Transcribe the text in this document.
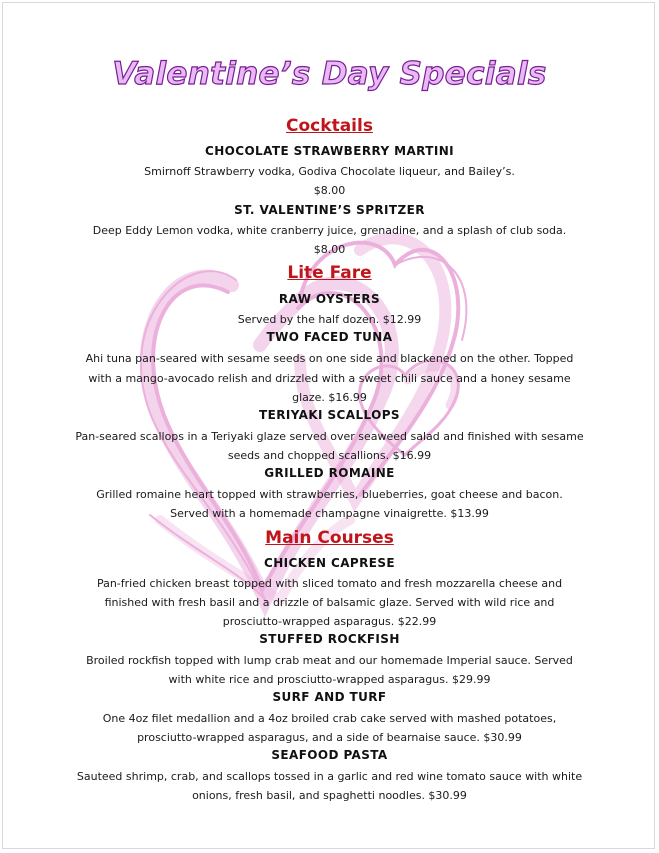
Valentine’s Day Specials
Cocktails
CHOCOLATE STRAWBERRY MARTINI
Smirnoff Strawberry vodka, Godiva Chocolate liqueur, and Bailey’s.
$8.00
ST. VALENTINE’S SPRITZER
Deep Eddy Lemon vodka, white cranberry juice, grenadine, and a splash of club soda.
$8.00
Lite Fare
RAW OYSTERS
Served by the half dozen. $12.99
TWO FACED TUNA
Ahi tuna pan-seared with sesame seeds on one side and blackened on the other. Topped
with a mango-avocado relish and drizzled with a sweet chili sauce and a honey sesame
glaze. $16.99
TERIYAKI SCALLOPS
Pan-seared scallops in a Teriyaki glaze served over seaweed salad and finished with sesame
seeds and chopped scallions. $16.99
GRILLED ROMAINE
Grilled romaine heart topped with strawberries, blueberries, goat cheese and bacon.
Served with a homemade champagne vinaigrette. $13.99
Main Courses
CHICKEN CAPRESE
Pan-fried chicken breast topped with sliced tomato and fresh mozzarella cheese and
finished with fresh basil and a drizzle of balsamic glaze. Served with wild rice and
prosciutto-wrapped asparagus. $22.99
STUFFED ROCKFISH
Broiled rockfish topped with lump crab meat and our homemade Imperial sauce. Served
with white rice and prosciutto-wrapped asparagus. $29.99
SURF AND TURF
One 4oz filet medallion and a 4oz broiled crab cake served with mashed potatoes,
prosciutto-wrapped asparagus, and a side of bearnaise sauce. $30.99
SEAFOOD PASTA
Sauteed shrimp, crab, and scallops tossed in a garlic and red wine tomato sauce with white
onions, fresh basil, and spaghetti noodles. $30.99
